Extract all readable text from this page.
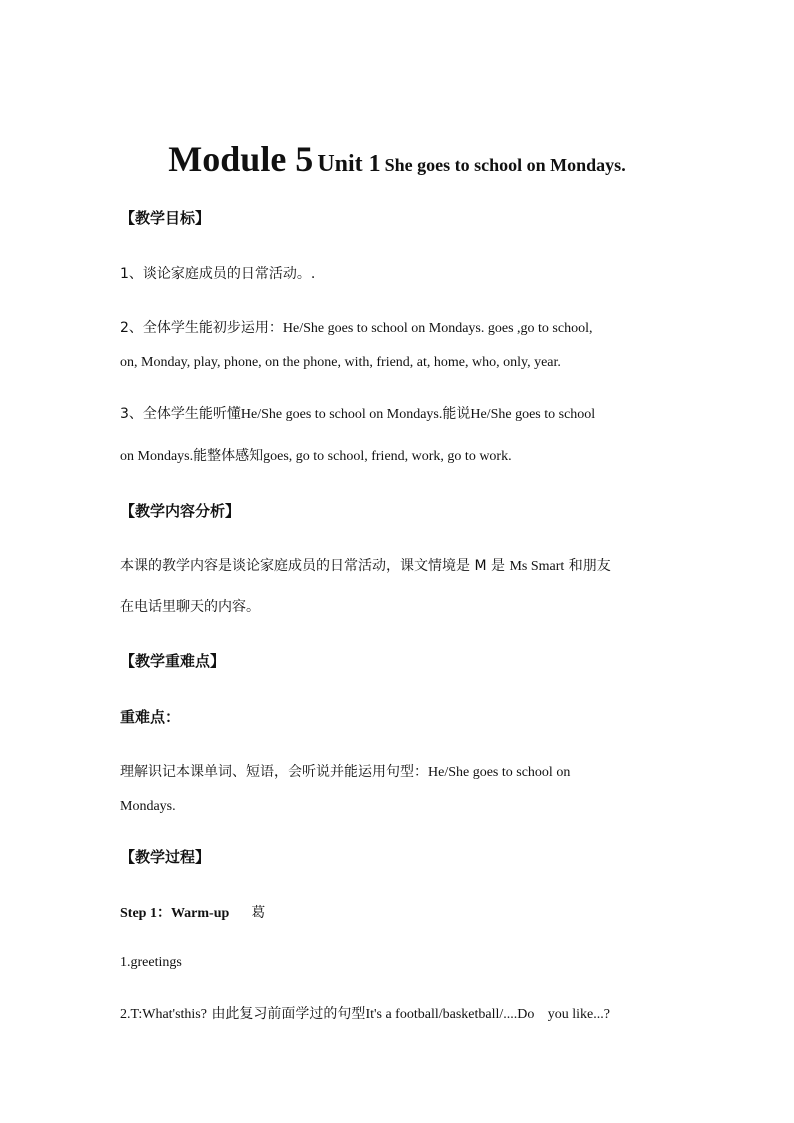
Module 5 Unit 1 She goes to school on Mondays.
【教学目标】
1、谈论家庭成员的日常活动。.
2、全体学生能初步运用：He/She goes to school on Mondays. goes ,go to school,
on, Monday, play, phone, on the phone, with, friend, at, home, who, only, year.
3、全体学生能听懂He/She goes to school on Mondays.能说He/She goes to school
on Mondays.能整体感知goes, go to school, friend, work, go to work.
【教学内容分析】
本课的教学内容是谈论家庭成员的日常活动，课文情境是 M 是 Ms Smart 和朋友
在电话里聊天的内容。
【教学重难点】
重难点：
理解识记本课单词、短语，会听说并能运用句型：He/She goes to school on
Mondays.
【教学过程】
Step 1：Warm-up 葛
1.greetings
2.T:What'sthis? 由此复习前面学过的句型It's a football/basketball/....Do you like...?
